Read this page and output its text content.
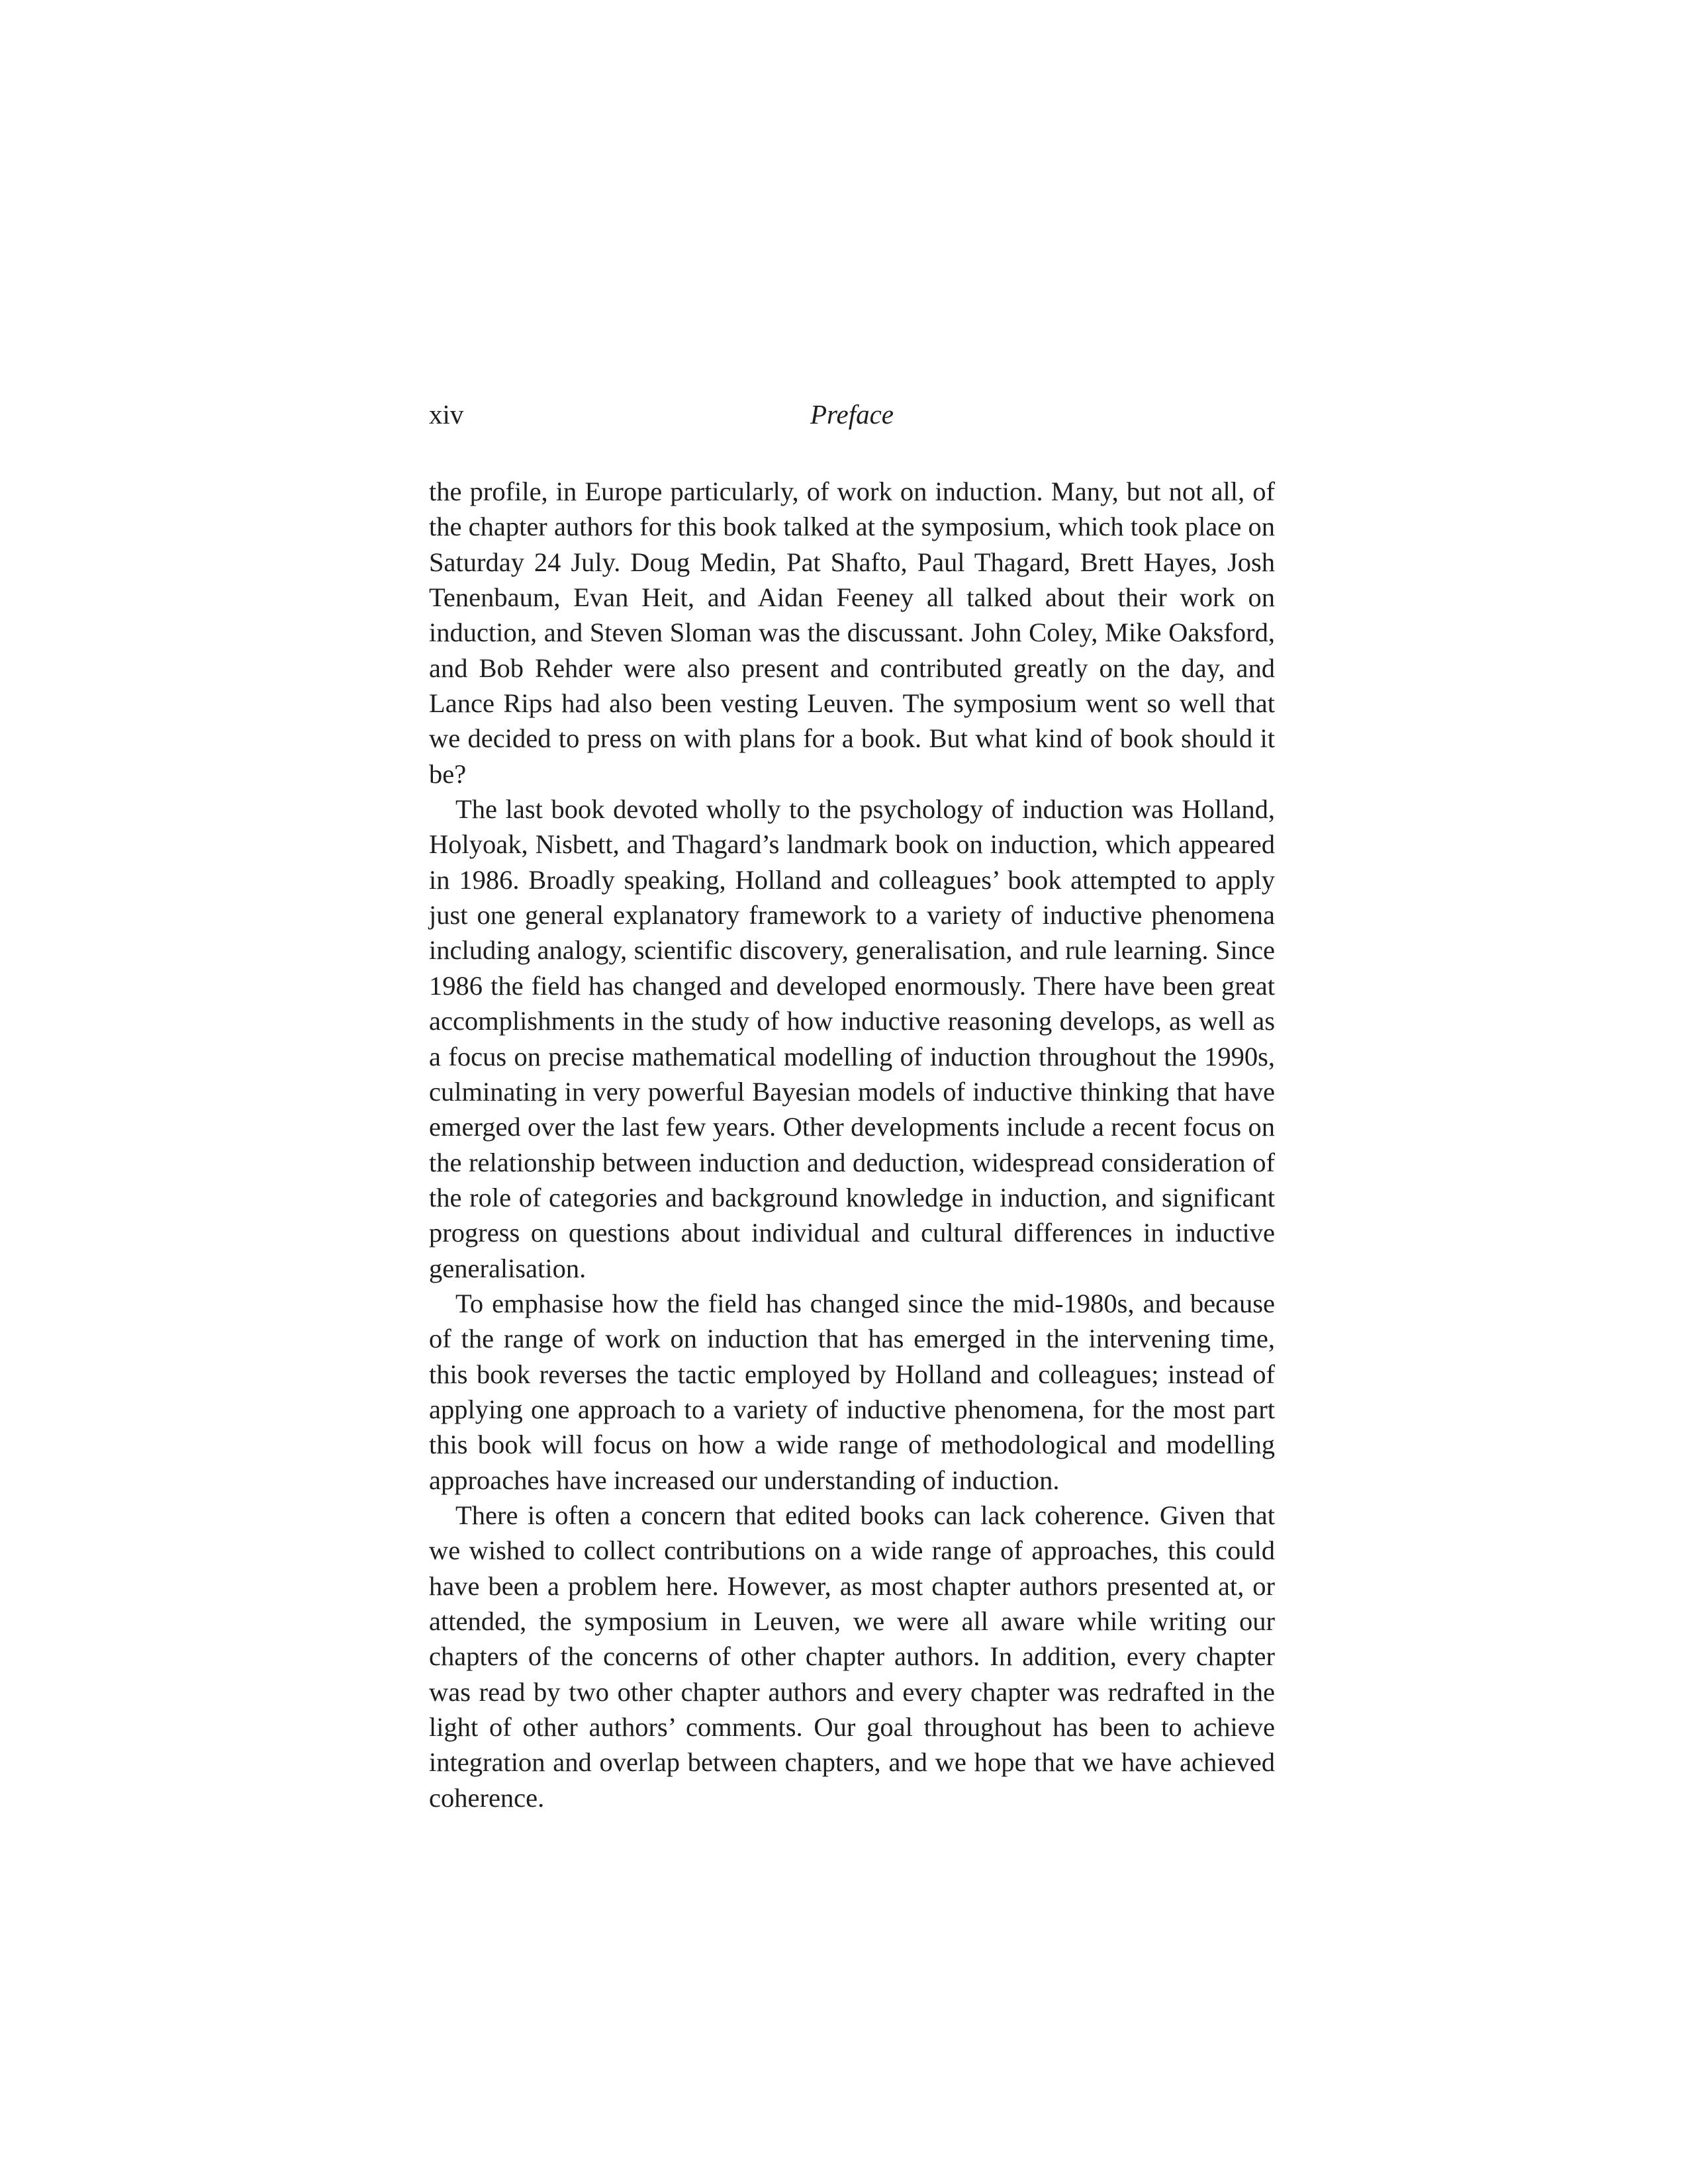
xiv	Preface

the profile, in Europe particularly, of work on induction. Many, but not all, of the chapter authors for this book talked at the symposium, which took place on Saturday 24 July. Doug Medin, Pat Shafto, Paul Thagard, Brett Hayes, Josh Tenenbaum, Evan Heit, and Aidan Feeney all talked about their work on induction, and Steven Sloman was the discussant. John Coley, Mike Oaksford, and Bob Rehder were also present and contributed greatly on the day, and Lance Rips had also been vesting Leuven. The symposium went so well that we decided to press on with plans for a book. But what kind of book should it be?

The last book devoted wholly to the psychology of induction was Holland, Holyoak, Nisbett, and Thagard’s landmark book on induction, which appeared in 1986. Broadly speaking, Holland and colleagues’ book attempted to apply just one general explanatory framework to a variety of inductive phenomena including analogy, scientific discovery, generalisation, and rule learning. Since 1986 the field has changed and developed enormously. There have been great accomplishments in the study of how inductive reasoning develops, as well as a focus on precise mathematical modelling of induction throughout the 1990s, culminating in very powerful Bayesian models of inductive thinking that have emerged over the last few years. Other developments include a recent focus on the relationship between induction and deduction, widespread consideration of the role of categories and background knowledge in induction, and significant progress on questions about individual and cultural differences in inductive generalisation.

To emphasise how the field has changed since the mid-1980s, and because of the range of work on induction that has emerged in the intervening time, this book reverses the tactic employed by Holland and colleagues; instead of applying one approach to a variety of inductive phenomena, for the most part this book will focus on how a wide range of methodological and modelling approaches have increased our understanding of induction.

There is often a concern that edited books can lack coherence. Given that we wished to collect contributions on a wide range of approaches, this could have been a problem here. However, as most chapter authors presented at, or attended, the symposium in Leuven, we were all aware while writing our chapters of the concerns of other chapter authors. In addition, every chapter was read by two other chapter authors and every chapter was redrafted in the light of other authors’ comments. Our goal throughout has been to achieve integration and overlap between chapters, and we hope that we have achieved coherence.
